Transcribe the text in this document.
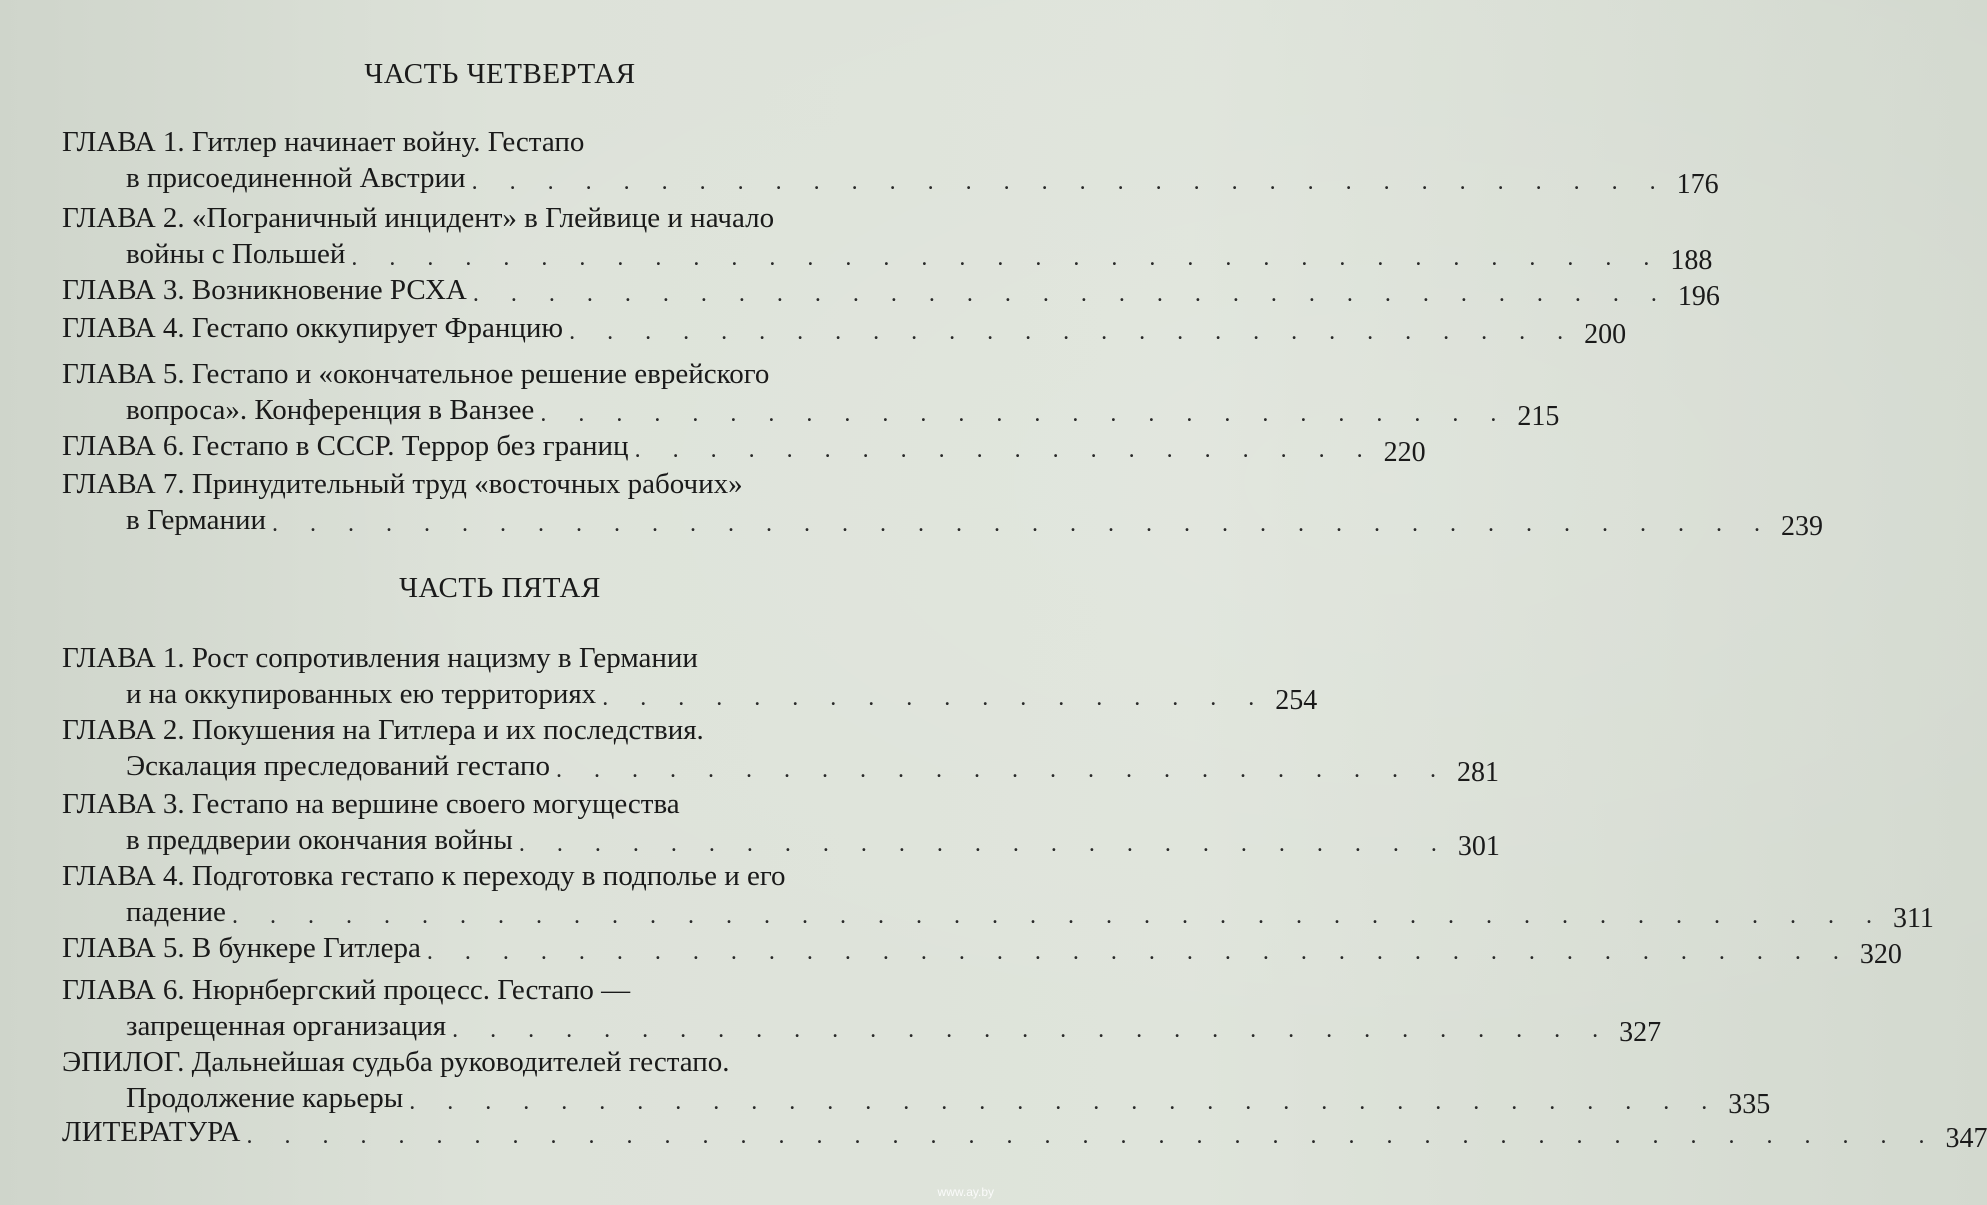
ЧАСТЬ ЧЕТВЕРТАЯ
ГЛАВА 1. Гитлер начинает войну. Гестапо
в присоединенной Австрии . . . . . . . . . . . . . . . . . . . . . . . . . . . . . . . . 176
ГЛАВА 2. «Пограничный инцидент» в Глейвице и начало
войны с Польшей . . . . . . . . . . . . . . . . . . . . . . . . . . . . . . . . . . . 188
ГЛАВА 3. Возникновение РСХА . . . . . . . . . . . . . . . . . . . . . . . . . . . . . . . . 196
ГЛАВА 4. Гестапо оккупирует Францию . . . . . . . . . . . . . . . . . . . . . . . . . . . 200
ГЛАВА 5. Гестапо и «окончательное решение еврейского
вопроса». Конференция в Ванзее . . . . . . . . . . . . . . . . . . . . . . . . . . 215
ГЛАВА 6. Гестапо в СССР. Террор без границ . . . . . . . . . . . . . . . . . . . . 220
ГЛАВА 7. Принудительный труд «восточных рабочих»
в Германии . . . . . . . . . . . . . . . . . . . . . . . . . . . . . . . . . . . . . . . . 239
ЧАСТЬ ПЯТАЯ
ГЛАВА 1. Рост сопротивления нацизму в Германии
и на оккупированных ею территориях . . . . . . . . . . . . . . . . . . 254
ГЛАВА 2. Покушения на Гитлера и их последствия.
Эскалация преследований гестапо . . . . . . . . . . . . . . . . . . . . . . . . 281
ГЛАВА 3. Гестапо на вершине своего могущества
в преддверии окончания войны . . . . . . . . . . . . . . . . . . . . . . . . . 301
ГЛАВА 4. Подготовка гестапо к переходу в подполье и его
падение . . . . . . . . . . . . . . . . . . . . . . . . . . . . . . . . . . . . . . . . . . . . 311
ГЛАВА 5. В бункере Гитлера . . . . . . . . . . . . . . . . . . . . . . . . . . . . . . . . . . . . . . 320
ГЛАВА 6. Нюрнбергский процесс. Гестапо —
запрещенная организация . . . . . . . . . . . . . . . . . . . . . . . . . . . . . . . 327
ЭПИЛОГ. Дальнейшая судьба руководителей гестапо.
Продолжение карьеры . . . . . . . . . . . . . . . . . . . . . . . . . . . . . . . . . . . 335
ЛИТЕРАТУРА . . . . . . . . . . . . . . . . . . . . . . . . . . . . . . . . . . . . . . . . . . . . . 347
www.ay.by
